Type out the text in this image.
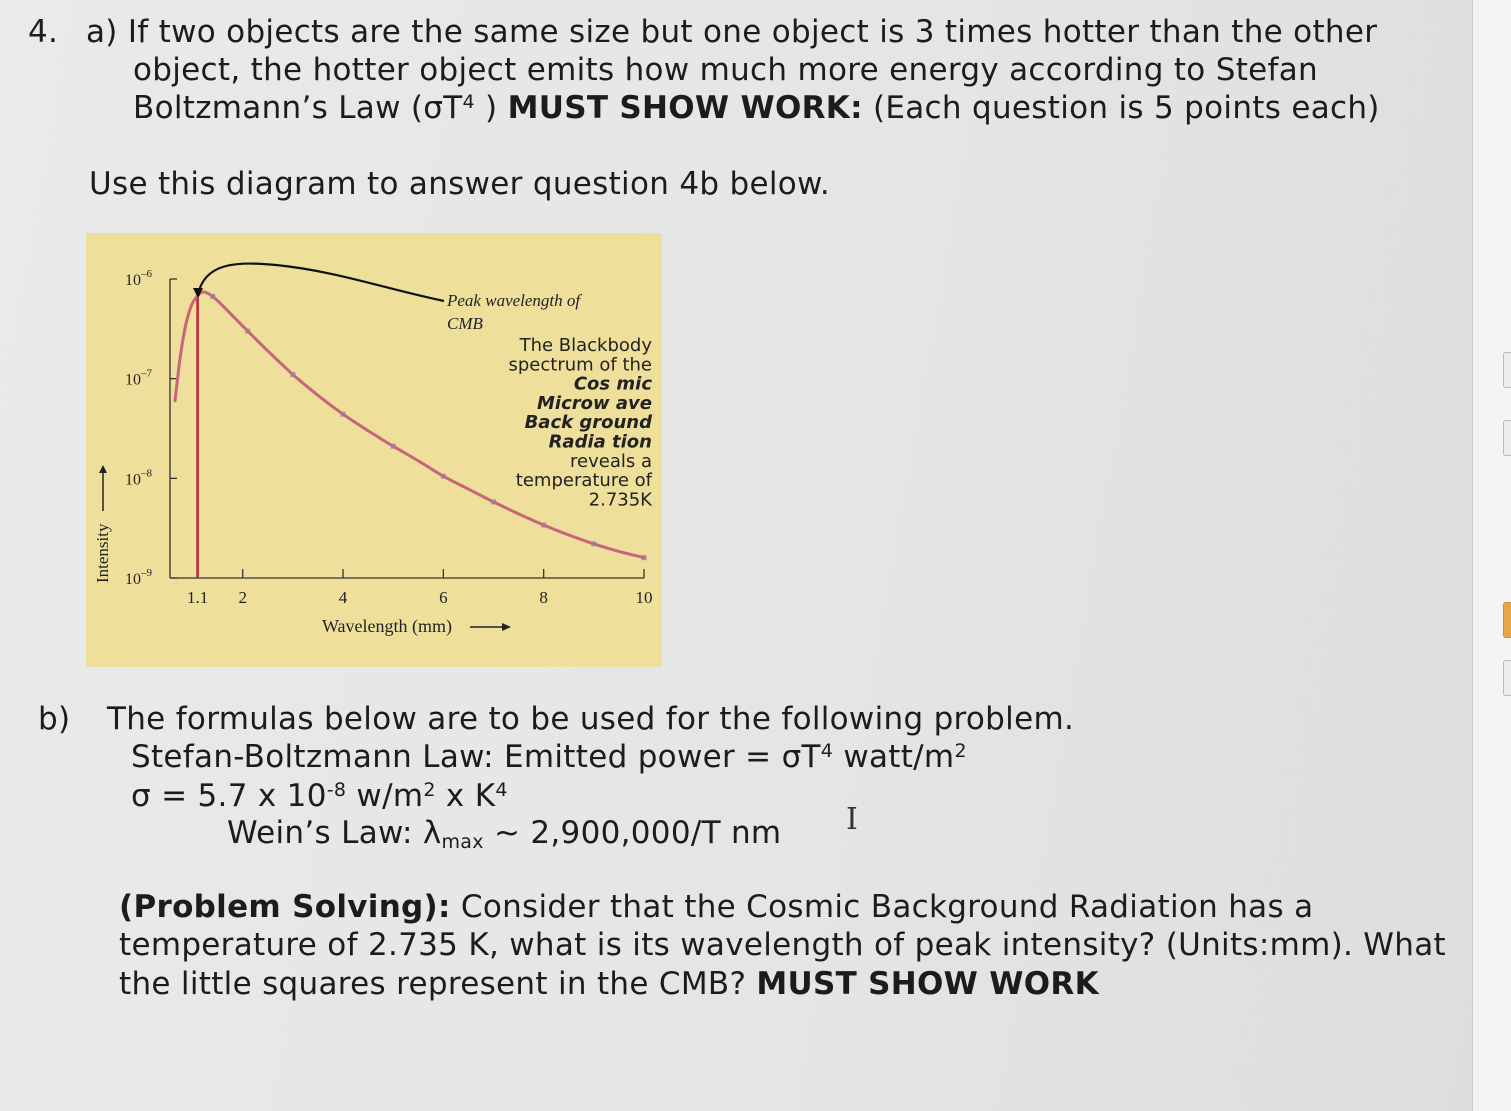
4. a) If two objects are the same size but one object is 3 times hotter than the other
object, the hotter object emits how much more energy according to Stefan
Boltzmann’s Law ($\sigma T^4$ ) MUST SHOW WORK: (Each question is 5 points each)
Use this diagram to answer question 4b below.
Intensity
$10^{-6}$
$10^{-7}$
$10^{-8}$
$10^{-9}$
1.1 2	4	6	8	10
Wavelength (mm)
Peak wavelength of
CMB
The Blackbody
spectrum of the
Cos mic
Microw ave
Back ground
Radia tion
reveals a
temperature of
2.735K
b) The formulas below are to be used for the following problem.
Stefan-Boltzmann Law: Emitted power = $\sigma T^4$ watt/$m^2$
σ = 5.7 x $10^{-8}$ $w/m^2$ x $K^4$
Wein’s Law: $\lambda_{max}$ ~ 2,900,000/T nm I
(Problem Solving): Consider that the Cosmic Background Radiation has a
temperature of 2.735 K, what is its wavelength of peak intensity? (Units:mm). What
the little squares represent in the CMB? MUST SHOW WORK
